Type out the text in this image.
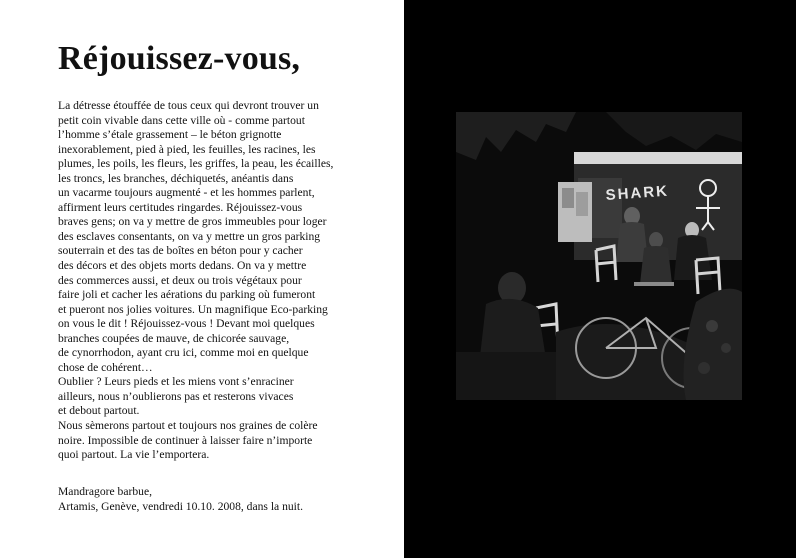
Réjouissez-vous,

La détresse étouffée de tous ceux qui devront trouver un
petit coin vivable dans cette ville où - comme partout
l’homme s’étale grassement – le béton grignotte
inexorablement, pied à pied, les feuilles, les racines, les
plumes, les poils, les fleurs, les griffes, la peau, les écailles,
les troncs, les branches, déchiquetés, anéantis dans
un vacarme toujours augmenté - et les hommes parlent,
affirment leurs certitudes ringardes. Réjouissez-vous
braves gens; on va y mettre de gros immeubles pour loger
des esclaves consentants, on va y mettre un gros parking
souterrain et des tas de boîtes en béton pour y cacher
des décors et des objets morts dedans. On va y mettre
des commerces aussi, et deux ou trois végétaux pour
faire joli et cacher les aérations du parking où fumeront
et pueront nos jolies voitures. Un magnifique Eco-parking
on vous le dit ! Réjouissez-vous ! Devant moi quelques
branches coupées de mauve, de chicorée sauvage,
de cynorrhodon, ayant cru ici, comme moi en quelque
chose de cohérent…
Oublier ? Leurs pieds et les miens vont s’enraciner
ailleurs, nous n’oublierons pas et resterons vivaces
et debout partout.
Nous sèmerons partout et toujours nos graines de colère
noire. Impossible de continuer à laisser faire n’importe
quoi partout. La vie l’emportera.

Mandragore barbue,
Artamis, Genève, vendredi 10.10. 2008, dans la nuit.
SHARK
